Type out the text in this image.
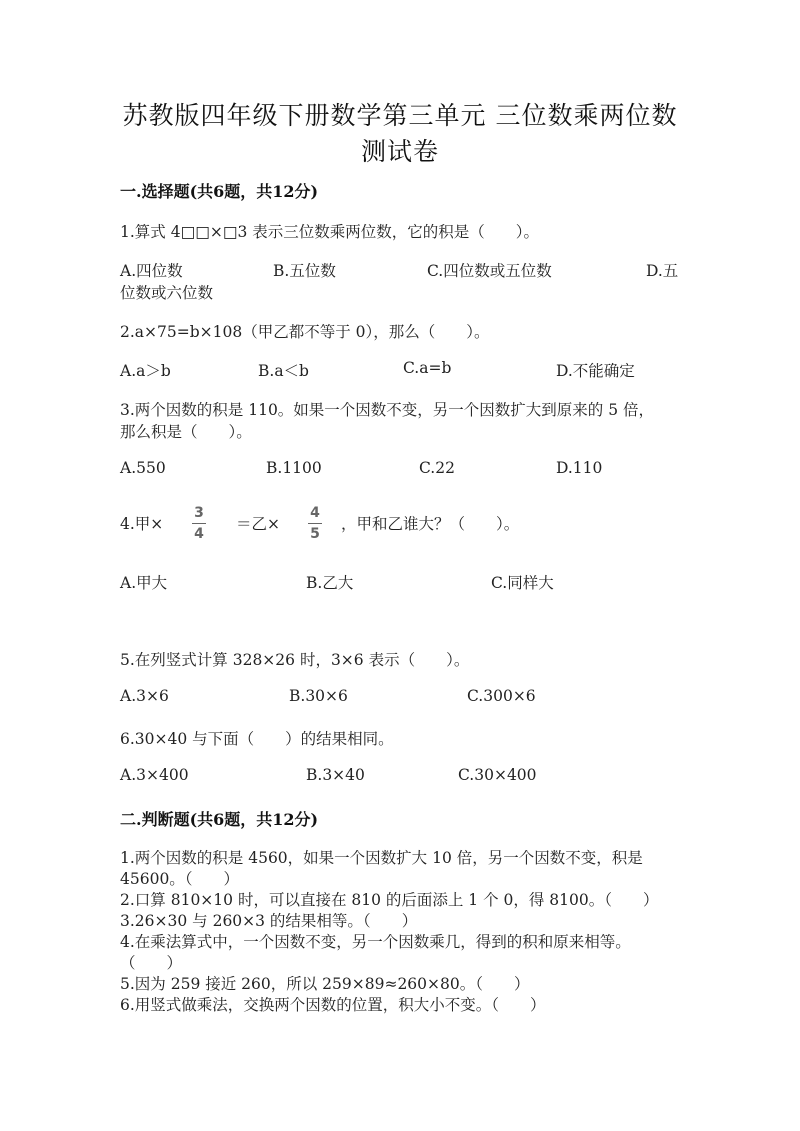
苏教版四年级下册数学第三单元 三位数乘两位数
测试卷
一.选择题(共6题，共12分)
1.算式 4□□×□3 表示三位数乘两位数，它的积是（　　）。
A.四位数	B.五位数	C.四位数或五位数	D.五
位数或六位数
2.a×75=b×108（甲乙都不等于 0），那么（　　）。
A.a＞b	B.a＜b	C.a=b	D.不能确定
3.两个因数的积是 110。如果一个因数不变，另一个因数扩大到原来的 5 倍，
那么积是（　　）。
A.550	B.1100	C.22	D.110
4.甲×
3
4
＝乙×
4
5
，甲和乙谁大？（　　）。
A.甲大	B.乙大	C.同样大
5.在列竖式计算 328×26 时，3×6 表示（　　）。
A.3×6	B.30×6	C.300×6
6.30×40 与下面（　　）的结果相同。
A.3×400	B.3×40	C.30×400
二.判断题(共6题，共12分)
1.两个因数的积是 4560，如果一个因数扩大 10 倍，另一个因数不变，积是
45600。（　　）
2.口算 810×10 时，可以直接在 810 的后面添上 1 个 0，得 8100。（　　）
3.26×30 与 260×3 的结果相等。（　　）
4.在乘法算式中，一个因数不变，另一个因数乘几，得到的积和原来相等。
（　　）
5.因为 259 接近 260，所以 259×89≈260×80。（　　）
6.用竖式做乘法，交换两个因数的位置，积大小不变。（　　）
